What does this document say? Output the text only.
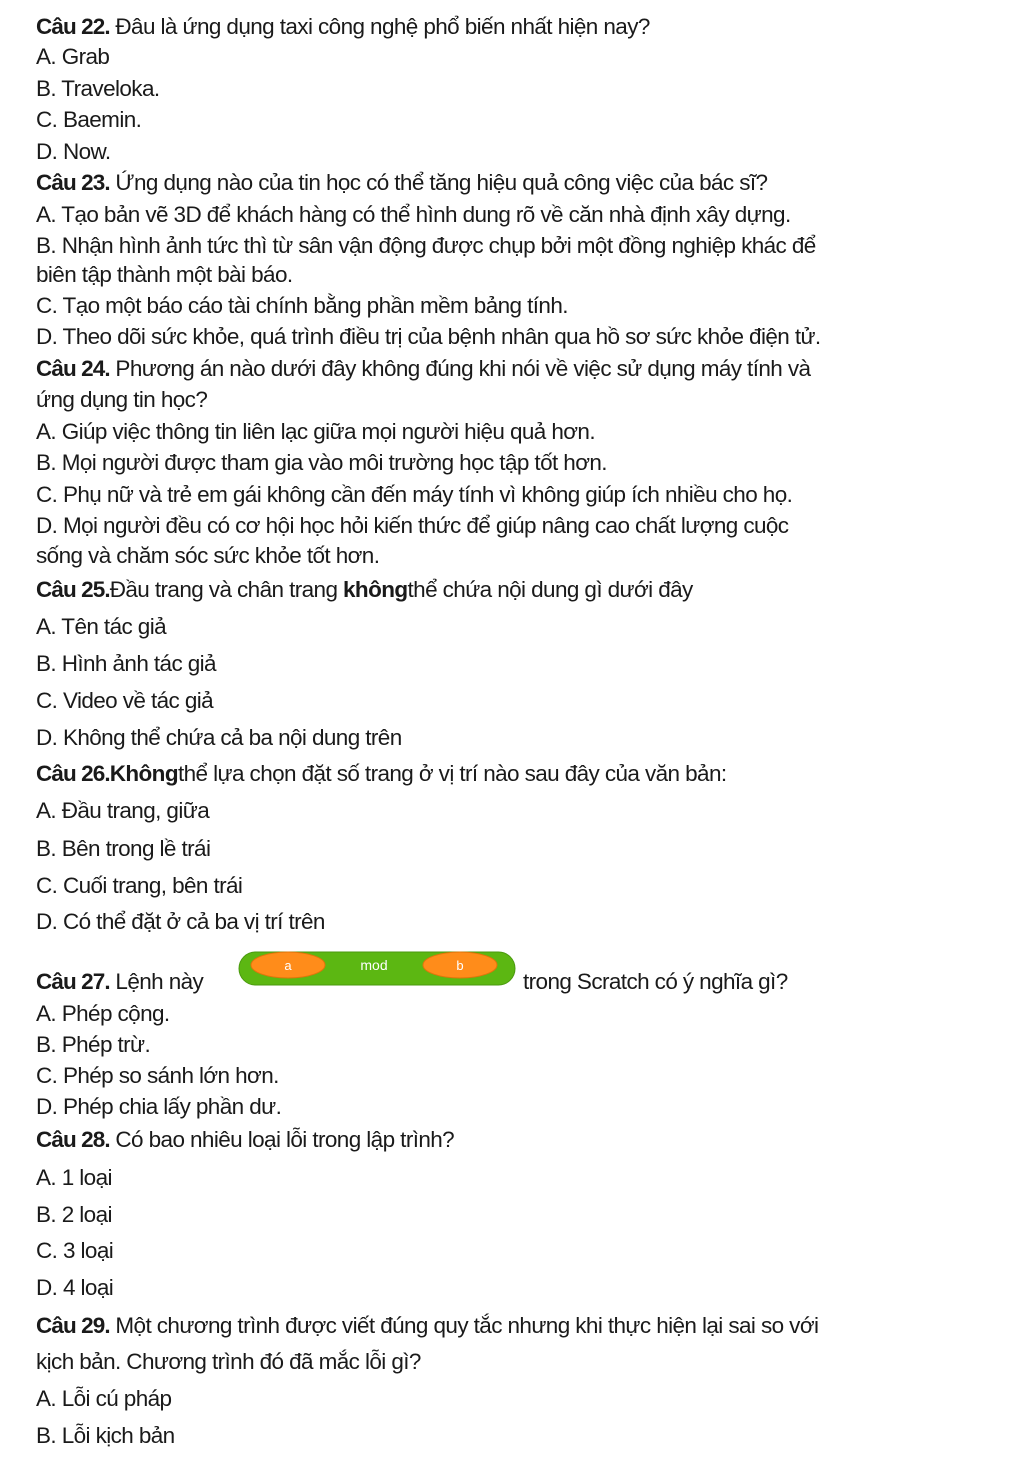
Câu 22. Đâu là ứng dụng taxi công nghệ phổ biến nhất hiện nay?
A. Grab
B. Traveloka.
C. Baemin.
D. Now.
Câu 23. Ứng dụng nào của tin học có thể tăng hiệu quả công việc của bác sĩ?
A. Tạo bản vẽ 3D để khách hàng có thể hình dung rõ về căn nhà định xây dựng.
B. Nhận hình ảnh tức thì từ sân vận động được chụp bởi một đồng nghiệp khác để
biên tập thành một bài báo.
C. Tạo một báo cáo tài chính bằng phần mềm bảng tính.
D. Theo dõi sức khỏe, quá trình điều trị của bệnh nhân qua hồ sơ sức khỏe điện tử.
Câu 24. Phương án nào dưới đây không đúng khi nói về việc sử dụng máy tính và
ứng dụng tin học?
A. Giúp việc thông tin liên lạc giữa mọi người hiệu quả hơn.
B. Mọi người được tham gia vào môi trường học tập tốt hơn.
C. Phụ nữ và trẻ em gái không cần đến máy tính vì không giúp ích nhiều cho họ.
D. Mọi người đều có cơ hội học hỏi kiến thức để giúp nâng cao chất lượng cuộc
sống và chăm sóc sức khỏe tốt hơn.
Câu 25.Đầu trang và chân trang khôngthể chứa nội dung gì dưới đây
A. Tên tác giả
B. Hình ảnh tác giả
C. Video về tác giả
D. Không thể chứa cả ba nội dung trên
Câu 26.Khôngthể lựa chọn đặt số trang ở vị trí nào sau đây của văn bản:
A. Đầu trang, giữa
B. Bên trong lề trái
C. Cuối trang, bên trái
D. Có thể đặt ở cả ba vị trí trên
Câu 27. Lệnh này
a	mod	b
trong Scratch có ý nghĩa gì?
A. Phép cộng.
B. Phép trừ.
C. Phép so sánh lớn hơn.
D. Phép chia lấy phần dư.
Câu 28. Có bao nhiêu loại lỗi trong lập trình?
A. 1 loại
B. 2 loại
C. 3 loại
D. 4 loại
Câu 29. Một chương trình được viết đúng quy tắc nhưng khi thực hiện lại sai so với
kịch bản. Chương trình đó đã mắc lỗi gì?
A. Lỗi cú pháp
B. Lỗi kịch bản
